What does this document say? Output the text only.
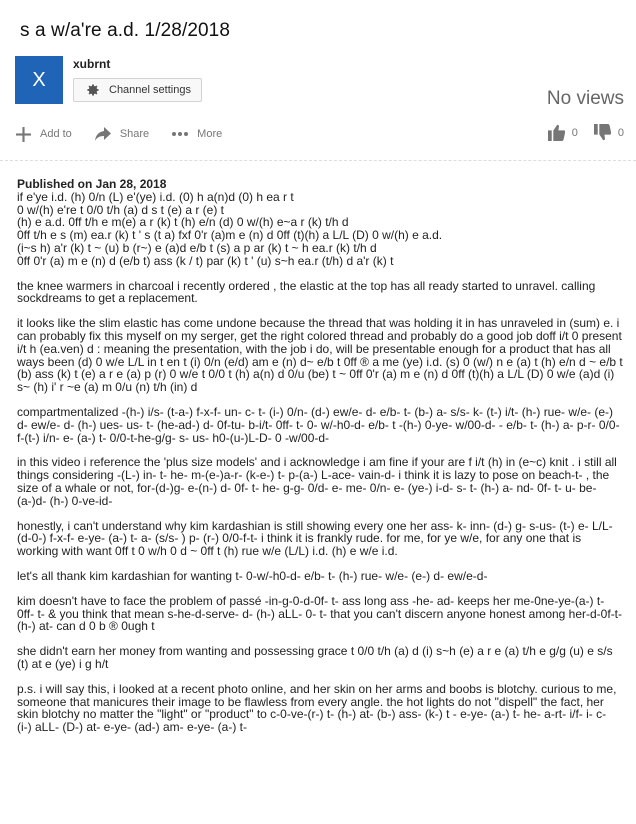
s a w/a're a.d. 1/28/2018
X
xubrnt
Channel settings	No views
Add to	Share	More	0	0

Published on Jan 28, 2018

if e'ye i.d. (h) 0/n (L) e'(ye) i.d. (0) h a(n)d (0) h ea r t
0 w/(h) e're t 0/0 t/h (a) d s t (e) a r (e) t
(h) e a.d. 0ff t/h e m(e) a r (k) t (h) e/n (d) 0 w/(h) e~a r (k) t/h d
0ff t/h e s (m) ea.r (k) t ' s (t a) fxf 0'r (a)m e (n) d 0ff (t)(h) a L/L (D) 0 w/(h) e a.d.
(i~s h) a'r (k) t ~ (u) b (r~) e (a)d e/b t (s) a p ar (k) t ~ h ea.r (k) t/h d
0ff 0'r (a) m e (n) d (e/b t) ass (k / t) par (k) t ' (u) s~h ea.r (t/h) d a'r (k) t

the knee warmers in charcoal i recently ordered , the elastic at the top has all ready started to unravel. calling sockdreams to get a replacement.

it looks like the slim elastic has come undone because the thread that was holding it in has unraveled in (sum) e. i can probably fix this myself on my serger, get the right colored thread and probably do a good job doff i/t 0 present i/t h (ea.ven) d : meaning the presentation, with the job i do, will be presentable enough for a product that has all ways been (d) 0 w/e L/L in t en t (i) 0/n (e/d) am e (n) d~ e/b t 0ff ® a me (ye) i.d. (s) 0 (w/) n e (a) t (h) e/n d ~ e/b t (b) ass (k) t (e) a r e (a) p (r) 0 w/e t 0/0 t (h) a(n) d 0/u (be) t ~ 0ff 0'r (a) m e (n) d 0ff (t)(h) a L/L (D) 0 w/e (a)d (i) s~ (h) i' r ~e (a) m 0/u (n) t/h (in) d

compartmentalized -(h-) i/s- (t-a-) f-x-f- un- c- t- (i-) 0/n- (d-) ew/e- d- e/b- t- (b-) a- s/s- k- (t-) i/t- (h-) rue- w/e- (e-) d- ew/e- d- (h-) ues- us- t- (he-ad-) d- 0f-tu- b-i/t- 0ff- t- 0- w/-h0-d- e/b- t -(h-) 0-ye- w/00-d- - e/b- t- (h-) a- p-r- 0/0-f-(t-) i/n- e- (a-) t- 0/0-t-he-g/g- s- us- h0-(u-)L-D- 0 -w/00-d-

in this video i reference the 'plus size models' and i acknowledge i am fine if your are f i/t (h) in (e~c) knit . i still all things considering -(L-) in- t- he- m-(e-)a-r- (k-e-) t- p-(a-) L-ace- vain-d- i think it is lazy to pose on beach-t- , the size of a whale or not, for-(d-)g- e-(n-) d- 0f- t- he- g-g- 0/d- e- me- 0/n- e- (ye-) i-d- s- t- (h-) a- nd- 0f- t- u- be-(a-)d- (h-) 0-ve-id-

honestly, i can't understand why kim kardashian is still showing every one her ass- k- inn- (d-) g- s-us- (t-) e- L/L- (d-0-) f-x-f- e-ye- (a-) t- a- (s/s- ) p- (r-) 0/0-f-t- i think it is frankly rude. for me, for ye w/e, for any one that is working with want 0ff t 0 w/h 0 d ~ 0ff t (h) rue w/e (L/L) i.d. (h) e w/e i.d.

let's all thank kim kardashian for wanting t- 0-w/-h0-d- e/b- t- (h-) rue- w/e- (e-) d- ew/e-d-

kim doesn't have to face the problem of passé -in-g-0-d-0f- t- ass long ass -he- ad- keeps her me-0ne-ye-(a-) t- 0ff- t- & you think that mean s-he-d-serve- d- (h-) aLL- 0- t- that you can't discern anyone honest among her-d-0f-t- (h-) at- can d 0 b ® 0ugh t

she didn't earn her money from wanting and possessing grace t 0/0 t/h (a) d (i) s~h (e) a r e (a) t/h e g/g (u) e s/s (t) at e (ye) i g h/t

p.s. i will say this, i looked at a recent photo online, and her skin on her arms and boobs is blotchy. curious to me, someone that manicures their image to be flawless from every angle. the hot lights do not "dispell" the fact, her skin blotchy no matter the "light" or "product" to c-0-ve-(r-) t- (h-) at- (b-) ass- (k-) t - e-ye- (a-) t- he- a-rt- i/f- i- c- (i-) aLL- (D-) at- e-ye- (ad-) am- e-ye- (a-) t-
